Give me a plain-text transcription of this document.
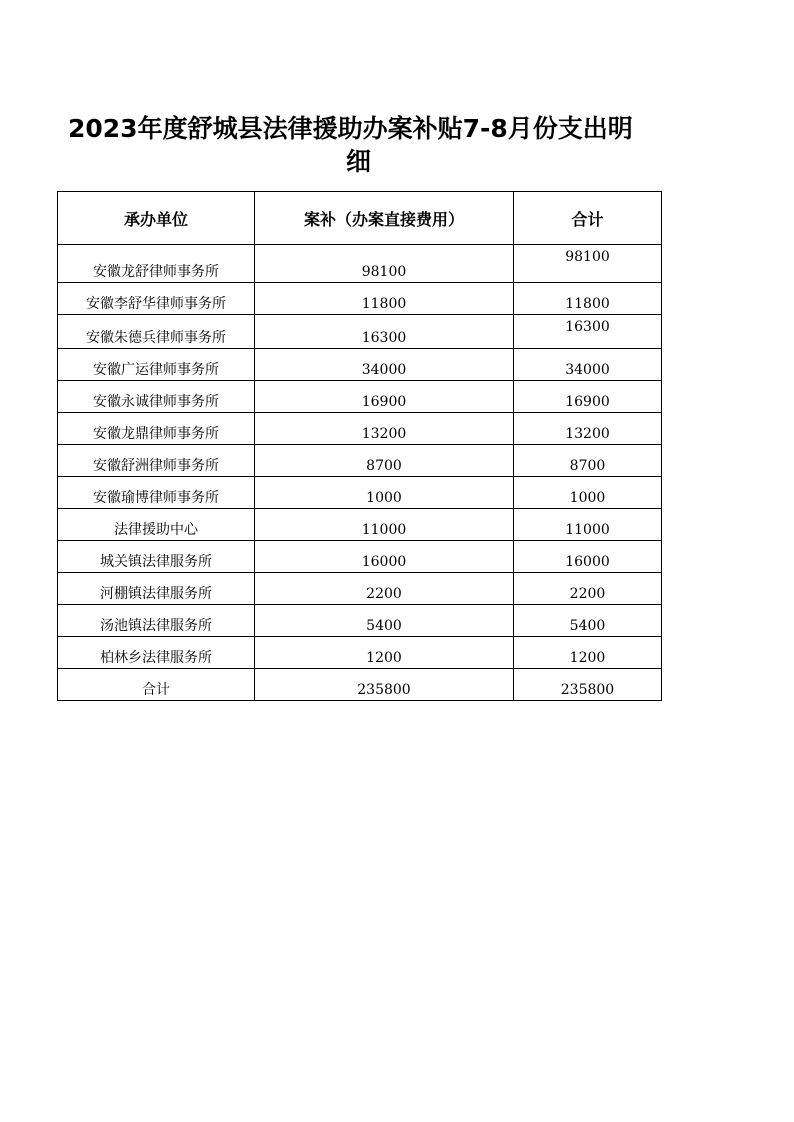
2023年度舒城县法律援助办案补贴7-8月份支出明
细
承办单位	案补（办案直接费用）	合计
安徽龙舒律师事务所	98100	98100
安徽李舒华律师事务所	11800	11800
安徽朱德兵律师事务所	16300	16300
安徽广运律师事务所	34000	34000
安徽永诚律师事务所	16900	16900
安徽龙鼎律师事务所	13200	13200
安徽舒洲律师事务所	8700	8700
安徽瑜博律师事务所	1000	1000
法律援助中心	11000	11000
城关镇法律服务所	16000	16000
河棚镇法律服务所	2200	2200
汤池镇法律服务所	5400	5400
柏林乡法律服务所	1200	1200
合计	235800	235800
